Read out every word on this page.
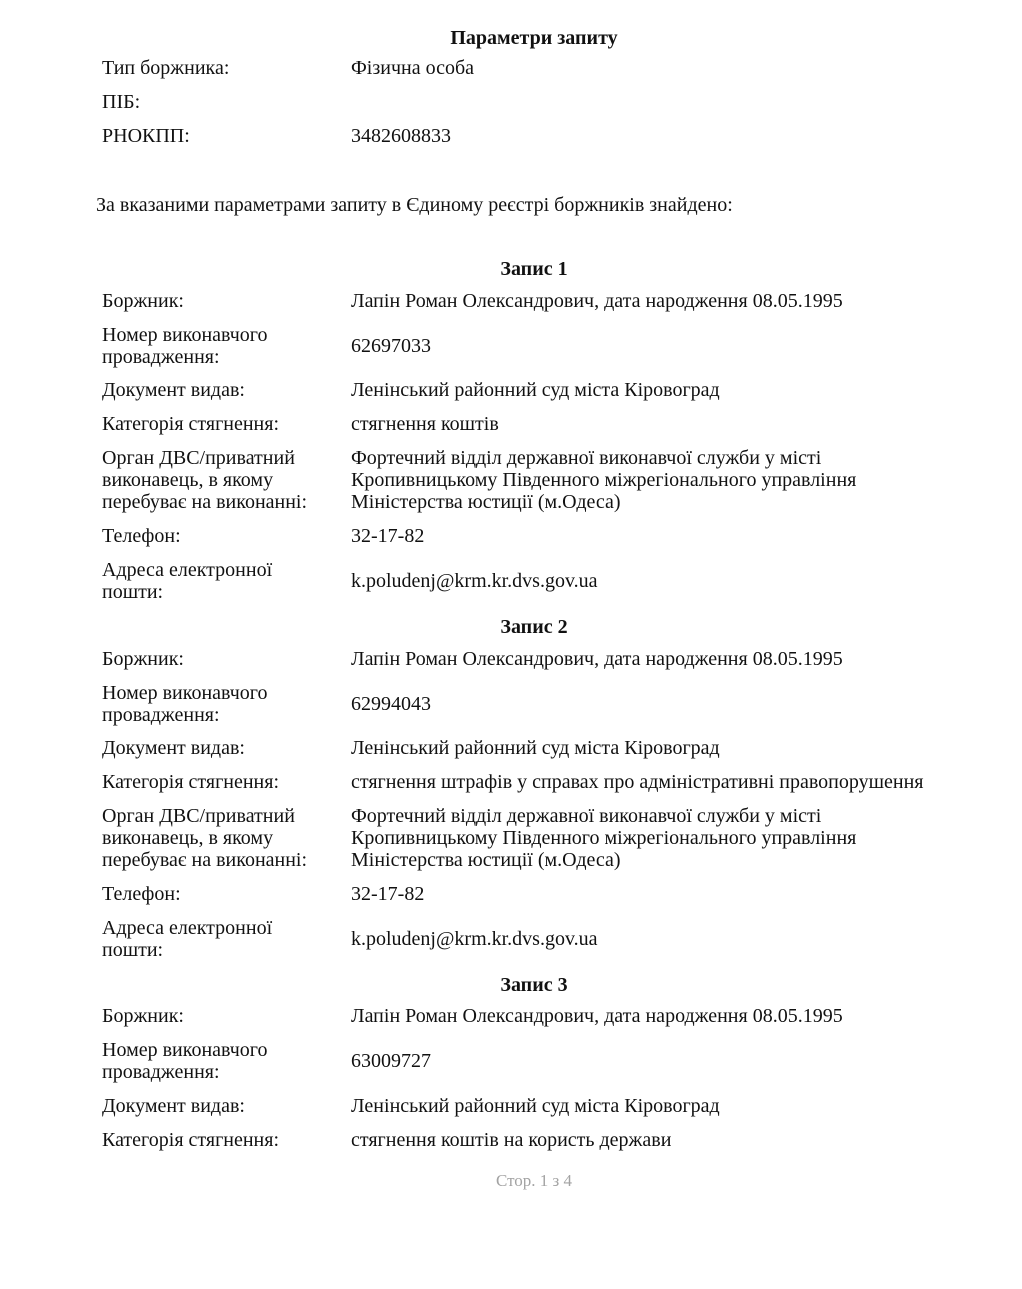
Параметри запиту
Тип боржника:	Фізична особа
ПІБ:
РНОКПП:	3482608833
За вказаними параметрами запиту в Єдиному реєстрі боржників знайдено:
Запис 1
Боржник:	Лапін Роман Олександрович, дата народження 08.05.1995
Номер виконавчого
провадження:	62697033
Документ видав:	Ленінський районний суд міста Кіровоград
Категорія стягнення:	стягнення коштів
Орган ДВС/приватний
виконавець, в якому
перебуває на виконанні:
Фортечний відділ державної виконавчої служби у місті
Кропивницькому Південного міжрегіонального управління
Міністерства юстиції (м.Одеса)
Телефон:	32-17-82
Адреса електронної
пошти:	k.poludenj@krm.kr.dvs.gov.ua
Запис 2
Боржник:	Лапін Роман Олександрович, дата народження 08.05.1995
Номер виконавчого
провадження:	62994043
Документ видав:	Ленінський районний суд міста Кіровоград
Категорія стягнення:	стягнення штрафів у справах про адміністративні правопорушення
Орган ДВС/приватний
виконавець, в якому
перебуває на виконанні:
Фортечний відділ державної виконавчої служби у місті
Кропивницькому Південного міжрегіонального управління
Міністерства юстиції (м.Одеса)
Телефон:	32-17-82
Адреса електронної
пошти:	k.poludenj@krm.kr.dvs.gov.ua
Запис 3
Боржник:	Лапін Роман Олександрович, дата народження 08.05.1995
Номер виконавчого
провадження:	63009727
Документ видав:	Ленінський районний суд міста Кіровоград
Категорія стягнення:	стягнення коштів на користь держави
Стор. 1 з 4
